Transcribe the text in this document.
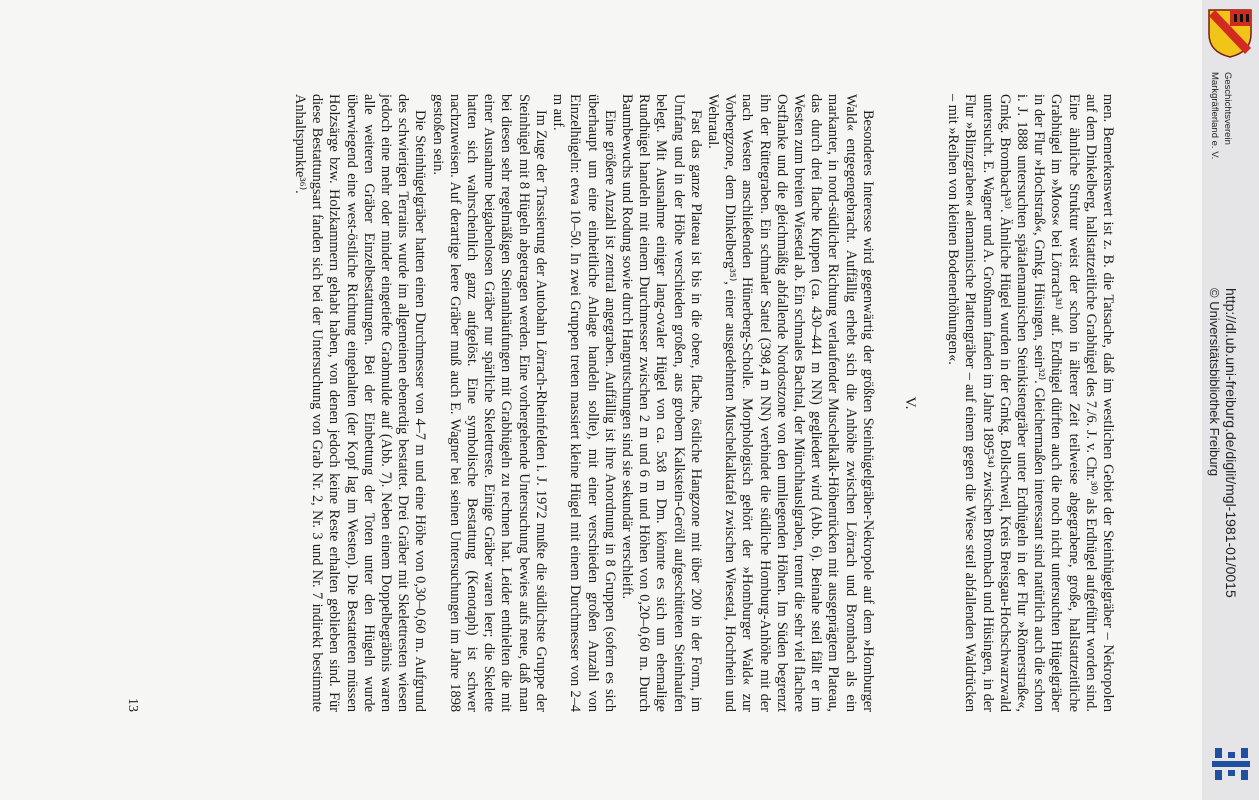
men. Bemerkenswert ist z. B. die Tatsache, daß im westlichen Gebiet der Steinhügelgräber – Nekropolen auf dem Dinkelberg, hallstattzeitliche Grabhügel des 7./6. J. v. Chr.³⁰⁾ als Erdhügel aufgeführt worden sind. Eine ähnliche Struktur weist der schon in älterer Zeit teilweise abgegrabene, große, hallstattzeitliche Grabhügel im »Moos« bei Lörrach³¹⁾ auf. Erdhügel dürften auch die noch nicht untersuchten Hügelgräber in der Flur »Hochstraß«, Gmkg. Hüsingen, sein³²⁾. Gleichermaßen interessant sind natürlich auch die schon i. J. 1888 untersuchten spätalemannischen Steinkistengräber unter Erdhügeln in der Flur »Römerstraße«, Gmkg. Brombach³³⁾. Ähnliche Hügel wurden in der Gmkg. Bollschweil, Kreis Breisgau-Hochschwarzwald untersucht. E. Wagner und A. Großmann fanden im Jahre 1895³⁴⁾ zwischen Brombach und Hüsingen, in der Flur »Blinzgraben« alemannische Plattengräber – auf einem gegen die Wiese steil abfallenden Waldrücken – mit »Reihen von kleinen Bodenerhöhungen«.

V.

Besonderes Interesse wird gegenwärtig der größten Steinhügelgräber-Nekropole auf dem »Homburger Wald« entgegengebracht. Auffällig erhebt sich die Anhöhe zwischen Lörrach und Brombach als ein markanter, in nord-südlicher Richtung verlaufender Muschelkalk-Höhenrücken mit ausgeprägtem Plateau, das durch drei flache Kuppen (ca. 430–441 m NN) gegliedert wird (Abb. 6). Beinahe steil fällt er im Westen zum breiten Wiesetal ab. Ein schmales Bachtal, der Münchhauslgraben, trennt die sehr viel flachere Ostflanke und die gleichmäßig abfallende Nordostzone von den umliegenden Höhen. Im Süden begrenzt ihn der Rüttegraben. Ein schmaler Sattel (398,4 m NN) verbindet die südliche Homburg-Anhöhe mit der nach Westen anschließenden Hünerberg-Scholle. Morphologisch gehört der »Homburger Wald« zur Vorbergzone, dem Dinkelberg³⁵⁾, einer ausgedehnten Muschelkalktafel zwischen Wiesetal, Hochrhein und Wehratal.

Fast das ganze Plateau ist bis in die obere, flache, östliche Hangzone mit über 200 in der Form, im Umfang und in der Höhe verschieden großen, aus grobem Kalkstein-Geröll aufgeschütteten Steinhaufen belegt. Mit Ausnahme einiger lang-ovaler Hügel von ca. 5x8 m Dm. könnte es sich um ehemalige Rundhügel handeln mit einem Durchmesser zwischen 2 m und 6 m und Höhen von 0,20–0,60 m. Durch Baumbewuchs und Rodung sowie durch Hangrutschungen sind sie sekundär verschleift.

Eine größere Anzahl ist zentral angegraben. Auffällig ist ihre Anordnung in 8 Gruppen (sofern es sich überhaupt um eine einheitliche Anlage handeln sollte), mit einer verschieden großen Anzahl von Einzelhügeln: etwa 10–50. In zwei Gruppen treten massiert kleine Hügel mit einem Durchmesser von 2–4 m auf.

Im Zuge der Trassierung der Autobahn Lörrach-Rheinfelden i. J. 1972 mußte die südlichste Gruppe der Steinhügel mit 8 Hügeln abgetragen werden. Eine vorhergehende Untersuchung bewies aufs neue, daß man bei diesen sehr regelmäßigen Steinanhäufungen mit Grabhügeln zu rechnen hat. Leider enthielten die mit einer Ausnahme beigabenlosen Gräber nur spärliche Skelettreste. Einige Gräber waren leer; die Skelette hatten sich wahrscheinlich ganz aufgelöst. Eine symbolische Bestattung (Kenotaph) ist schwer nachzuweisen. Auf derartige leere Gräber muß auch E. Wagner bei seinen Untersuchungen im Jahre 1898 gestoßen sein.

Die Steinhügelgräber hatten einen Durchmesser von 4–7 m und eine Höhe von 0,30–0,60 m. Aufgrund des schwierigen Terrains wurde im allgemeinen ebenerdig bestattet. Drei Gräber mit Skelettresten wiesen jedoch eine mehr oder minder eingetiefte Grabmulde auf (Abb. 7). Neben einem Doppelbegräbnis waren alle weiteren Gräber Einzelbestattungen. Bei der Einbettung der Toten unter den Hügeln wurde überwiegend eine west-östliche Richtung eingehalten (der Kopf lag im Westen). Die Bestatteten müssen Holzsärge bzw. Holzkammern gehabt haben, von denen jedoch keine Reste erhalten geblieben sind. Für diese Bestattungsart fanden sich bei der Untersuchung von Grab Nr. 2, Nr. 3 und Nr. 7 indirekt bestimmte Anhaltspunkte³⁶⁾.

13
Geschichtsverein
Markgräflerland e. V.
http://dl.ub.uni-freiburg.de/diglit/mgl-1981-01/0015
© Universitätsbibliothek Freiburg
